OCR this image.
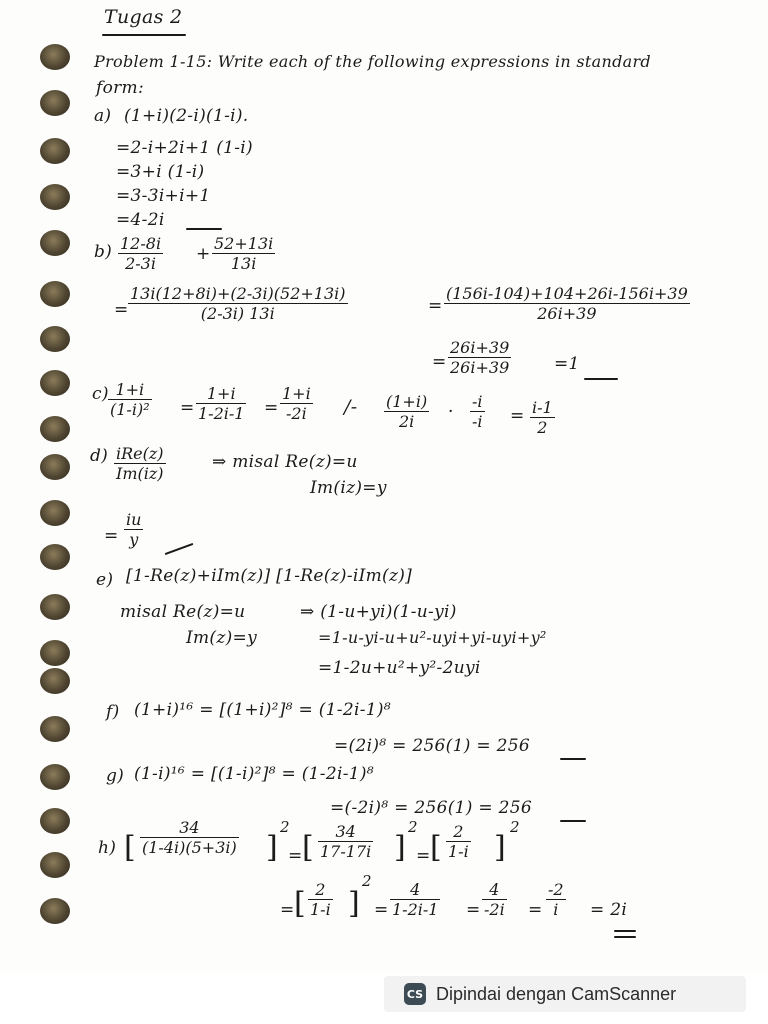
Tugas 2
Problem 1-15: Write each of the following expressions in standard
form:
a) (1+i)(2-i)(1-i).
=2-i+2i+1 (1-i)
=3+i (1-i)
=3-3i+i+1
=4-2i
$b) \frac{12-8i}{2-3i} + \frac{52+13i}{13i}$
= $\frac{13i(12+8i)+(2-3i)(52+13i)}{(2-3i) 13i}$	= $\frac{(156i-104)+104+26i-156i+39}{26i+39}$
= $\frac{26i+39}{26i+39}$	=1
$c) \frac{1+i}{\text{(1-i)²}} = \frac{1+i}{1-2i-1} = \frac{1+i}{-2i} /- \frac{(1+i)}{2i} \cdot \frac{-i}{-i} = \frac{i-1}{2}$
d) iRe(z)
Im(iz)
⇒ misal Re(z)=u
Im(iz)=y
= $\frac{iu}{y}$
e) [1-Re(z)+iIm(z)] [1-Re(z)-iIm(z)]
misal Re(z)=u	⇒ (1-u+yi)(1-u-yi)
Im(z)=y	=1-u-yi-u+u²-uyi+yi-uyi+y²
=1-2u+u²+y²-2uyi
f) (1+i)¹⁶ = [(1+i)²]⁸ = (1-2i-1)⁸
=(2i)⁸ = 256(1) = 256
g) (1-i)¹⁶ = [(1-i)²]⁸ = (1-2i-1)⁸
=(-2i)⁸ = 256(1) = 256
h) [ $\frac{34}{(1-4i)(5+3i)}$ ]
2
= [ $\frac{34}{17-17i}$ ]
2
= [ $\frac{2}{1-i}$ ]
2
= [ $\frac{2}{1-i}$ ]
2
= $\frac{4}{1-2i-1} = \frac{4}{-2i} = \frac{-2}{i} = 2i$
CS Dipindai dengan CamScanner
